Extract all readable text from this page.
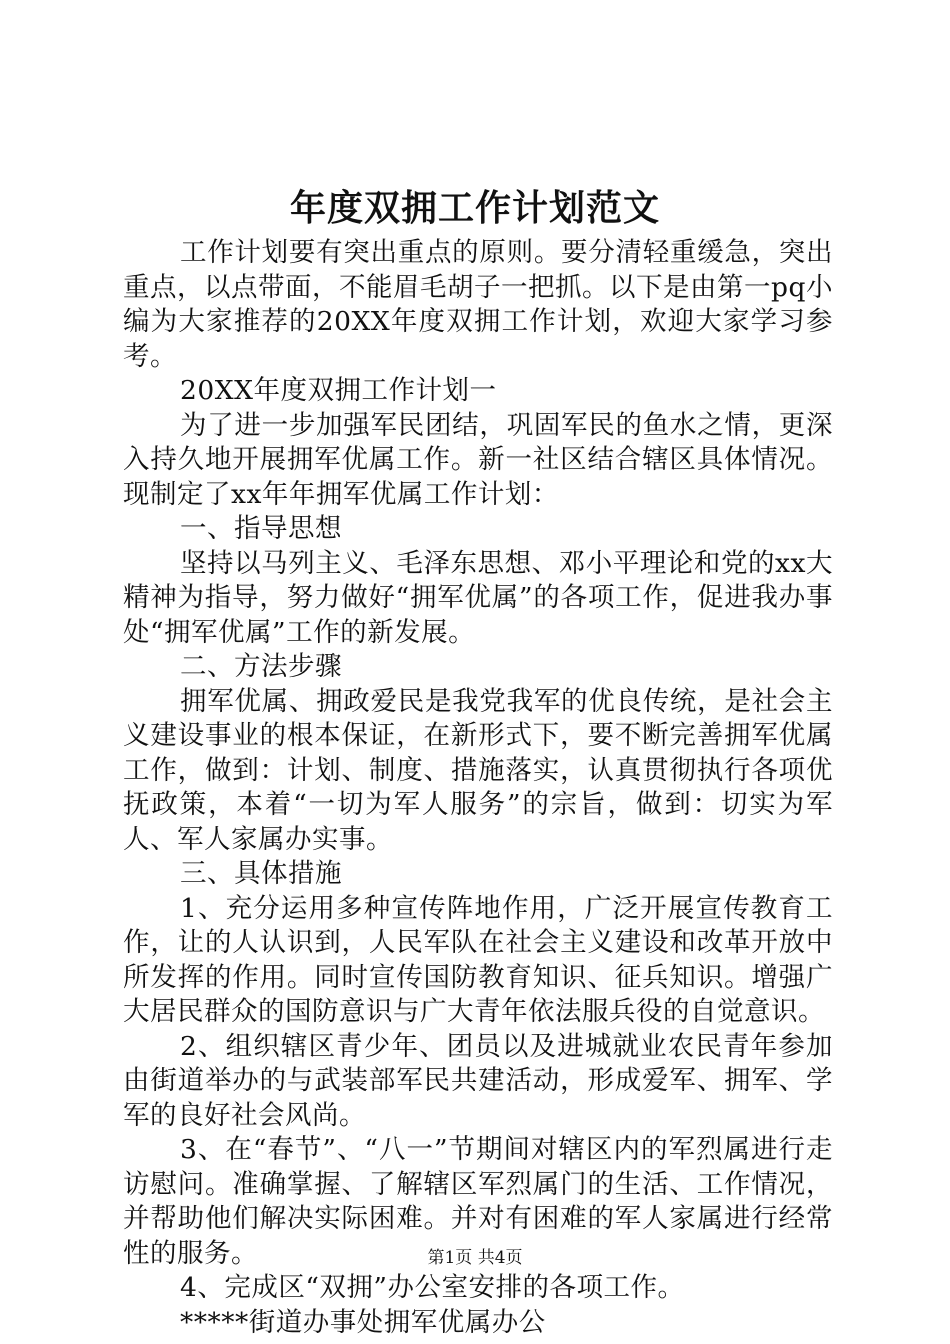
年度双拥工作计划范文

工作计划要有突出重点的原则。要分清轻重缓急，突出重点，以点带面，不能眉毛胡子一把抓。以下是由第一pq小编为大家推荐的20XX年度双拥工作计划，欢迎大家学习参考。

20XX年度双拥工作计划一

为了进一步加强军民团结，巩固军民的鱼水之情，更深入持久地开展拥军优属工作。新一社区结合辖区具体情况。现制定了xx年年拥军优属工作计划：

一、指导思想

坚持以马列主义、毛泽东思想、邓小平理论和党的xx大精神为指导，努力做好“拥军优属”的各项工作，促进我办事处“拥军优属”工作的新发展。

二、方法步骤

拥军优属、拥政爱民是我党我军的优良传统，是社会主义建设事业的根本保证，在新形式下，要不断完善拥军优属工作，做到：计划、制度、措施落实，认真贯彻执行各项优抚政策，本着“一切为军人服务”的宗旨，做到：切实为军人、军人家属办实事。

三、具体措施

1、充分运用多种宣传阵地作用，广泛开展宣传教育工作，让的人认识到，人民军队在社会主义建设和改革开放中所发挥的作用。同时宣传国防教育知识、征兵知识。增强广大居民群众的国防意识与广大青年依法服兵役的自觉意识。

2、组织辖区青少年、团员以及进城就业农民青年参加由街道举办的与武装部军民共建活动，形成爱军、拥军、学军的良好社会风尚。

3、在“春节”、“八一”节期间对辖区内的军烈属进行走访慰问。准确掌握、了解辖区军烈属门的生活、工作情况，并帮助他们解决实际困难。并对有困难的军人家属进行经常性的服务。

4、完成区“双拥”办公室安排的各项工作。

*****街道办事处拥军优属办公

第1页 共4页
